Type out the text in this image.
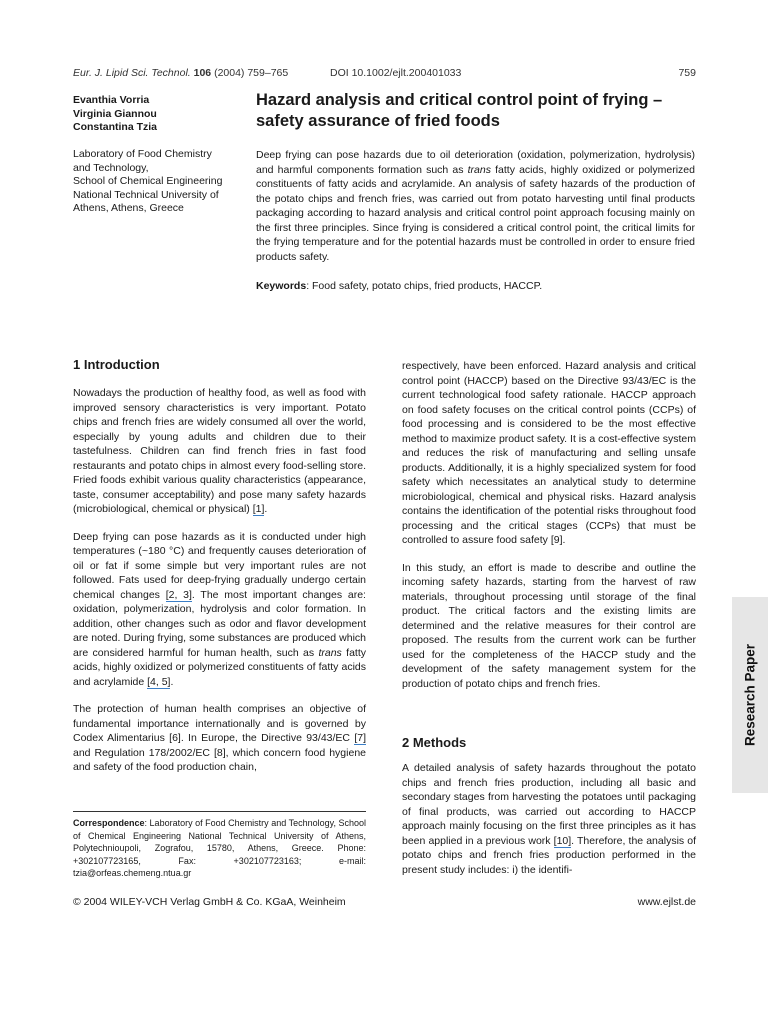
Eur. J. Lipid Sci. Technol. 106 (2004) 759–765	DOI 10.1002/ejlt.200401033	759
Evanthia Vorria
Virginia Giannou
Constantina Tzia
Laboratory of Food Chemistry
and Technology,
School of Chemical Engineering
National Technical University of
Athens, Athens, Greece
Hazard analysis and critical control point of frying – safety assurance of fried foods
Deep frying can pose hazards due to oil deterioration (oxidation, polymerization, hydrolysis) and harmful components formation such as trans fatty acids, highly oxidized or polymerized constituents of fatty acids and acrylamide. An analysis of safety hazards of the production of the potato chips and french fries, was carried out from potato harvesting until final products packaging according to hazard analysis and critical control point approach focusing mainly on the first three principles. Since frying is considered a critical control point, the critical limits for the frying temperature and for the potential hazards must be controlled in order to ensure fried products safety.
Keywords: Food safety, potato chips, fried products, HACCP.
1 Introduction

Nowadays the production of healthy food, as well as food with improved sensory characteristics is very important. Potato chips and french fries are widely consumed all over the world, especially by young adults and children due to their tastefulness. Children can find french fries in fast food restaurants and potato chips in almost every food-selling store. Fried foods exhibit various quality characteristics (appearance, taste, consumer acceptability) and pose many safety hazards (microbiological, chemical or physical) [1].

Deep frying can pose hazards as it is conducted under high temperatures (~180 °C) and frequently causes deterioration of oil or fat if some simple but very important rules are not followed. Fats used for deep-frying gradually undergo certain chemical changes [2, 3]. The most important changes are: oxidation, polymerization, hydrolysis and color formation. In addition, other changes such as odor and flavor development are noted. During frying, some substances are produced which are considered harmful for human health, such as trans fatty acids, highly oxidized or polymerized constituents of fatty acids and acrylamide [4, 5].

The protection of human health comprises an objective of fundamental importance internationally and is governed by Codex Alimentarius [6]. In Europe, the Directive 93/43/EC [7] and Regulation 178/2002/EC [8], which concern food hygiene and safety of the food production chain,

Correspondence: Laboratory of Food Chemistry and Technology, School of Chemical Engineering National Technical University of Athens, Polytechnioupoli, Zografou, 15780, Athens, Greece. Phone: +302107723165, Fax: +302107723163; e-mail: tzia@orfeas.chemeng.ntua.gr

respectively, have been enforced. Hazard analysis and critical control point (HACCP) based on the Directive 93/43/EC is the current technological food safety rationale. HACCP approach on food safety focuses on the critical control points (CCPs) of food processing and is considered to be the most effective method to maximize product safety. It is a cost-effective system and reduces the risk of manufacturing and selling unsafe products. Additionally, it is a highly specialized system for food safety which necessitates an analytical study to determine microbiological, chemical and physical risks. Hazard analysis contains the identification of the potential risks throughout food processing and the critical stages (CCPs) that must be controlled to assure food safety [9].

In this study, an effort is made to describe and outline the incoming safety hazards, starting from the harvest of raw materials, throughout processing until storage of the final product. The critical factors and the existing limits are determined and the relative measures for their control are proposed. The results from the current work can be further used for the completeness of the HACCP study and the development of the safety management system for the production of potato chips and french fries.

2 Methods

A detailed analysis of safety hazards throughout the potato chips and french fries production, including all basic and secondary stages from harvesting the potatoes until packaging of final products, was carried out according to HACCP approach mainly focusing on the first three principles as it has been applied in a previous work [10]. Therefore, the analysis of potato chips and french fries production performed in the present study includes: i) the identifi-

© 2004 WILEY-VCH Verlag GmbH & Co. KGaA, Weinheim	www.ejlst.de
Research Paper
